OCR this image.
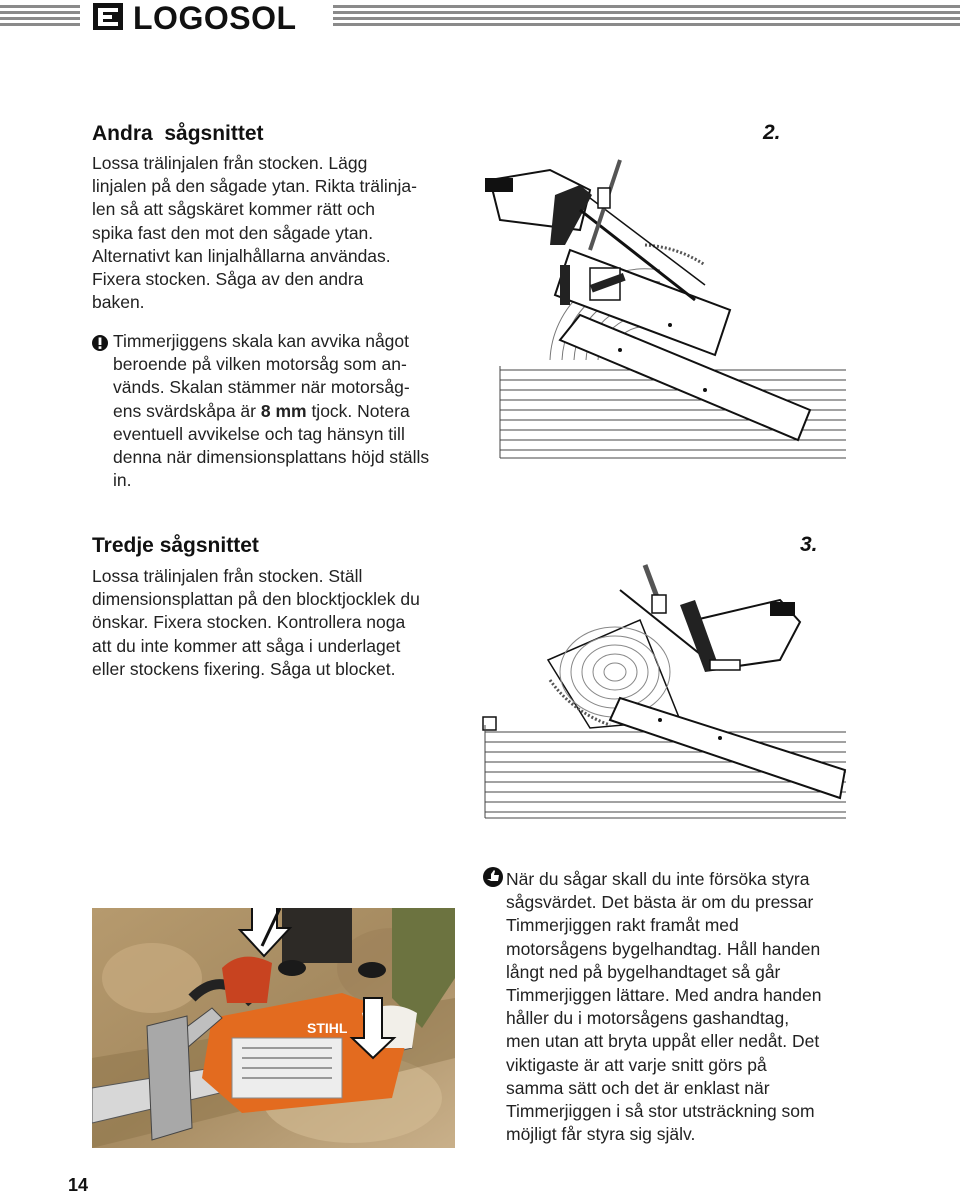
LOGOSOL
Andra  sågsnittet
Lossa trälinjalen från stocken. Lägg
linjalen på den sågade ytan. Rikta trälinja-
len så att sågskäret kommer rätt och
spika fast den mot den sågade ytan.
Alternativt kan linjalhållarna användas.
Fixera stocken. Såga av den andra
baken.
Timmerjiggens skala kan avvika något
beroende på vilken motorsåg som an-
vänds. Skalan stämmer när motorsåg-
ens svärdskåpa är 8 mm tjock. Notera
eventuell avvikelse och tag hänsyn till
denna när dimensionsplattans höjd ställs
in.
2.
Tredje sågsnittet
Lossa trälinjalen från stocken. Ställ
dimensionsplattan på den blocktjocklek du
önskar. Fixera stocken. Kontrollera noga
att du inte kommer att såga i underlaget
eller stockens fixering. Såga ut blocket.
3.
STIHL
När du sågar skall du inte försöka styra
sågsvärdet. Det bästa är om du pressar
Timmerjiggen rakt framåt med
motorsågens bygelhandtag. Håll handen
långt ned på bygelhandtaget så går
Timmerjiggen lättare. Med andra handen
håller du i motorsågens gashandtag,
men utan att bryta uppåt eller nedåt. Det
viktigaste är att varje snitt görs på
samma sätt och det är enklast när
Timmerjiggen i så stor utsträckning som
möjligt får styra sig själv.
14
